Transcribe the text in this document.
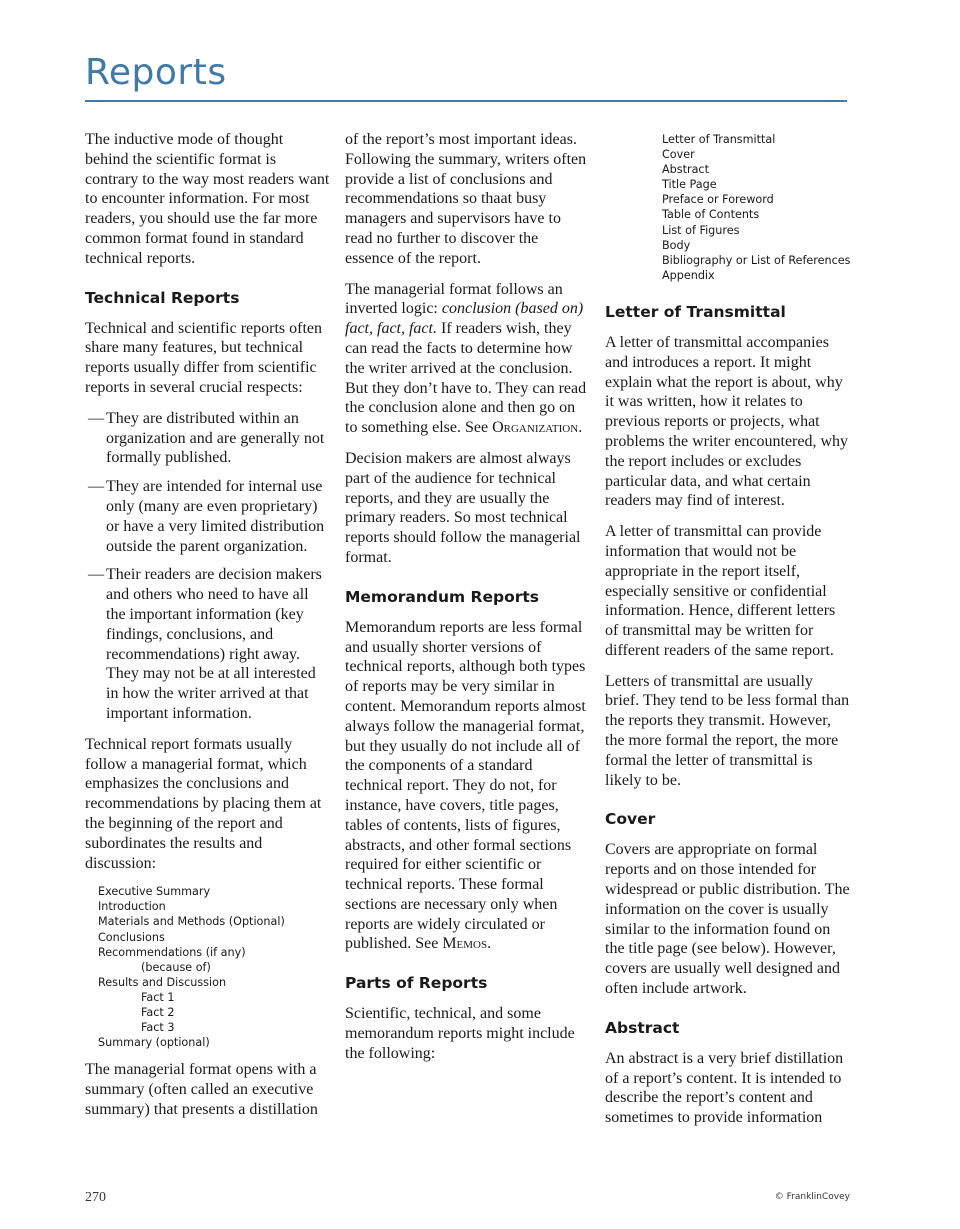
Reports

The inductive mode of thought behind the scientific format is contrary to the way most readers want to encounter information. For most readers, you should use the far more common format found in standard technical reports.

Technical Reports

Technical and scientific reports often share many features, but technical reports usually differ from scientific reports in several crucial respects:

— They are distributed within an organization and are generally not formally published.
— They are intended for internal use only (many are even proprietary) or have a very limited distribution outside the parent organization.
— Their readers are decision makers and others who need to have all the important information (key findings, conclusions, and recommendations) right away. They may not be at all interested in how the writer arrived at that important information.

Technical report formats usually follow a managerial format, which emphasizes the conclusions and recommendations by placing them at the beginning of the report and subordinates the results and discussion:

Executive Summary
Introduction
Materials and Methods (Optional)
Conclusions
Recommendations (if any)
(because of)
Results and Discussion
Fact 1
Fact 2
Fact 3
Summary (optional)

The managerial format opens with a summary (often called an executive summary) that presents a distillation

of the report’s most important ideas. Following the summary, writers often provide a list of conclusions and recommendations so thaat busy managers and supervisors have to read no further to discover the essence of the report.

The managerial format follows an inverted logic: conclusion (based on) fact, fact, fact. If readers wish, they can read the facts to determine how the writer arrived at the conclusion. But they don’t have to. They can read the conclusion alone and then go on to something else. See Organization.

Decision makers are almost always part of the audience for technical reports, and they are usually the primary readers. So most technical reports should follow the managerial format.

Memorandum Reports

Memorandum reports are less formal and usually shorter versions of technical reports, although both types of reports may be very similar in content. Memorandum reports almost always follow the managerial format, but they usually do not include all of the components of a standard technical report. They do not, for instance, have covers, title pages, tables of contents, lists of figures, abstracts, and other formal sections required for either scientific or technical reports. These formal sections are necessary only when reports are widely circulated or published. See Memos.

Parts of Reports

Scientific, technical, and some memorandum reports might include the following:

Letter of Transmittal
Cover
Abstract
Title Page
Preface or Foreword
Table of Contents
List of Figures
Body
Bibliography or List of References
Appendix
Letter of Transmittal

A letter of transmittal accompanies and introduces a report. It might explain what the report is about, why it was written, how it relates to previous reports or projects, what problems the writer encountered, why the report includes or excludes particular data, and what certain readers may find of interest.

A letter of transmittal can provide information that would not be appropriate in the report itself, especially sensitive or confidential information. Hence, different letters of transmittal may be written for different readers of the same report.

Letters of transmittal are usually brief. They tend to be less formal than the reports they transmit. However, the more formal the report, the more formal the letter of transmittal is likely to be.

Cover

Covers are appropriate on formal reports and on those intended for widespread or public distribution. The information on the cover is usually similar to the information found on the title page (see below). However, covers are usually well designed and often include artwork.

Abstract

An abstract is a very brief distillation of a report’s content. It is intended to describe the report’s content and sometimes to provide information

270	© FranklinCovey
